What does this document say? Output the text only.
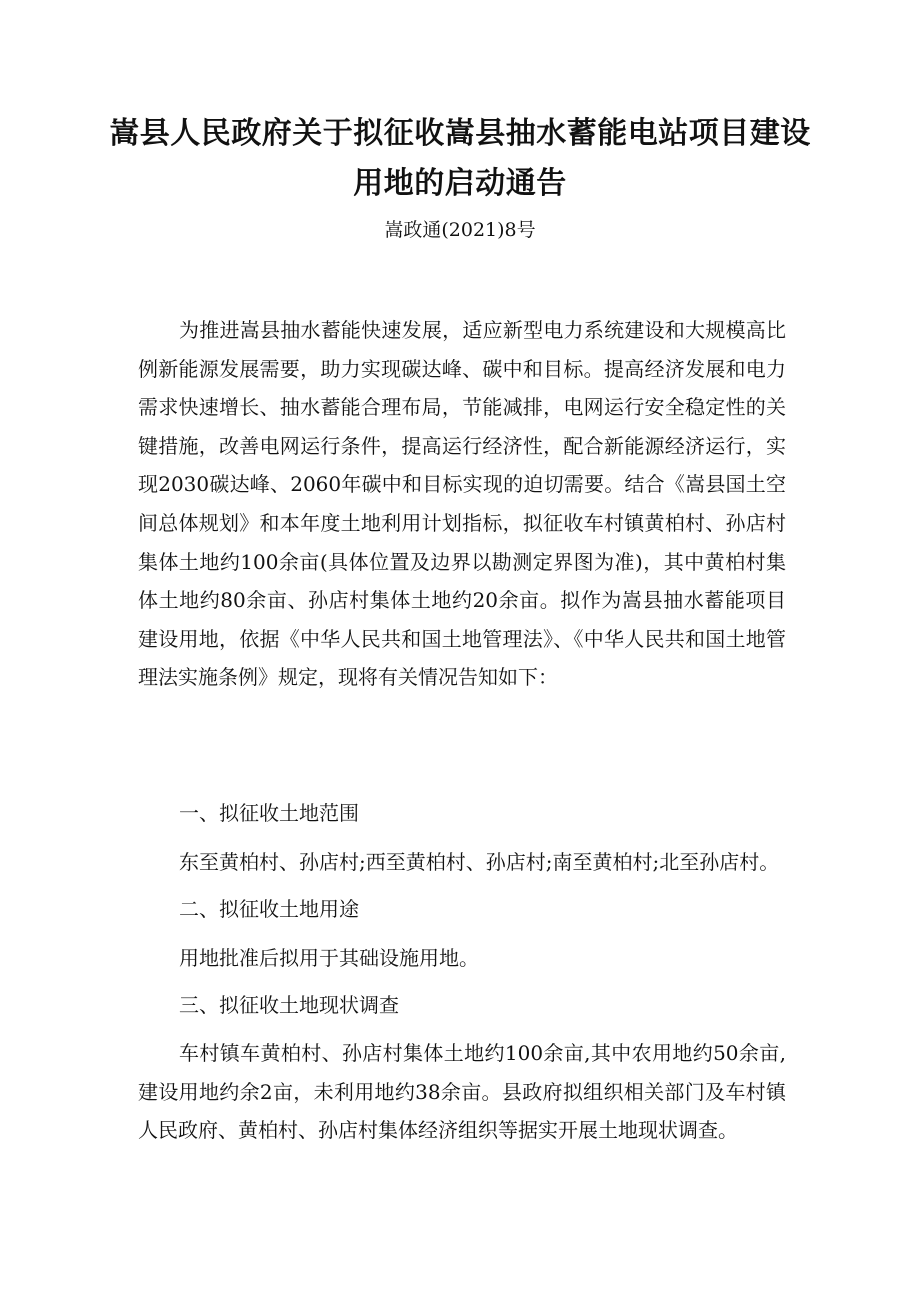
嵩县人民政府关于拟征收嵩县抽水蓄能电站项目建设
用地的启动通告
嵩政通(2021)8号

为推进嵩县抽水蓄能快速发展，适应新型电力系统建设和大规模高比例新能源发展需要，助力实现碳达峰、碳中和目标。提高经济发展和电力需求快速增长、抽水蓄能合理布局，节能减排，电网运行安全稳定性的关键措施，改善电网运行条件，提高运行经济性，配合新能源经济运行，实现2030碳达峰、2060年碳中和目标实现的迫切需要。结合《嵩县国土空间总体规划》和本年度土地利用计划指标，拟征收车村镇黄柏村、孙店村集体土地约100余亩(具体位置及边界以勘测定界图为准)，其中黄柏村集体土地约80余亩、孙店村集体土地约20余亩。拟作为嵩县抽水蓄能项目建设用地，依据《中华人民共和国土地管理法》、《中华人民共和国土地管理法实施条例》规定，现将有关情况告知如下：

一、拟征收土地范围

东至黄柏村、孙店村;西至黄柏村、孙店村;南至黄柏村;北至孙店村。

二、拟征收土地用途

用地批准后拟用于其础设施用地。

三、拟征收土地现状调查

车村镇车黄柏村、孙店村集体土地约100余亩,其中农用地约50余亩,建设用地约余2亩，未利用地约38余亩。县政府拟组织相关部门及车村镇人民政府、黄柏村、孙店村集体经济组织等据实开展土地现状调查。
